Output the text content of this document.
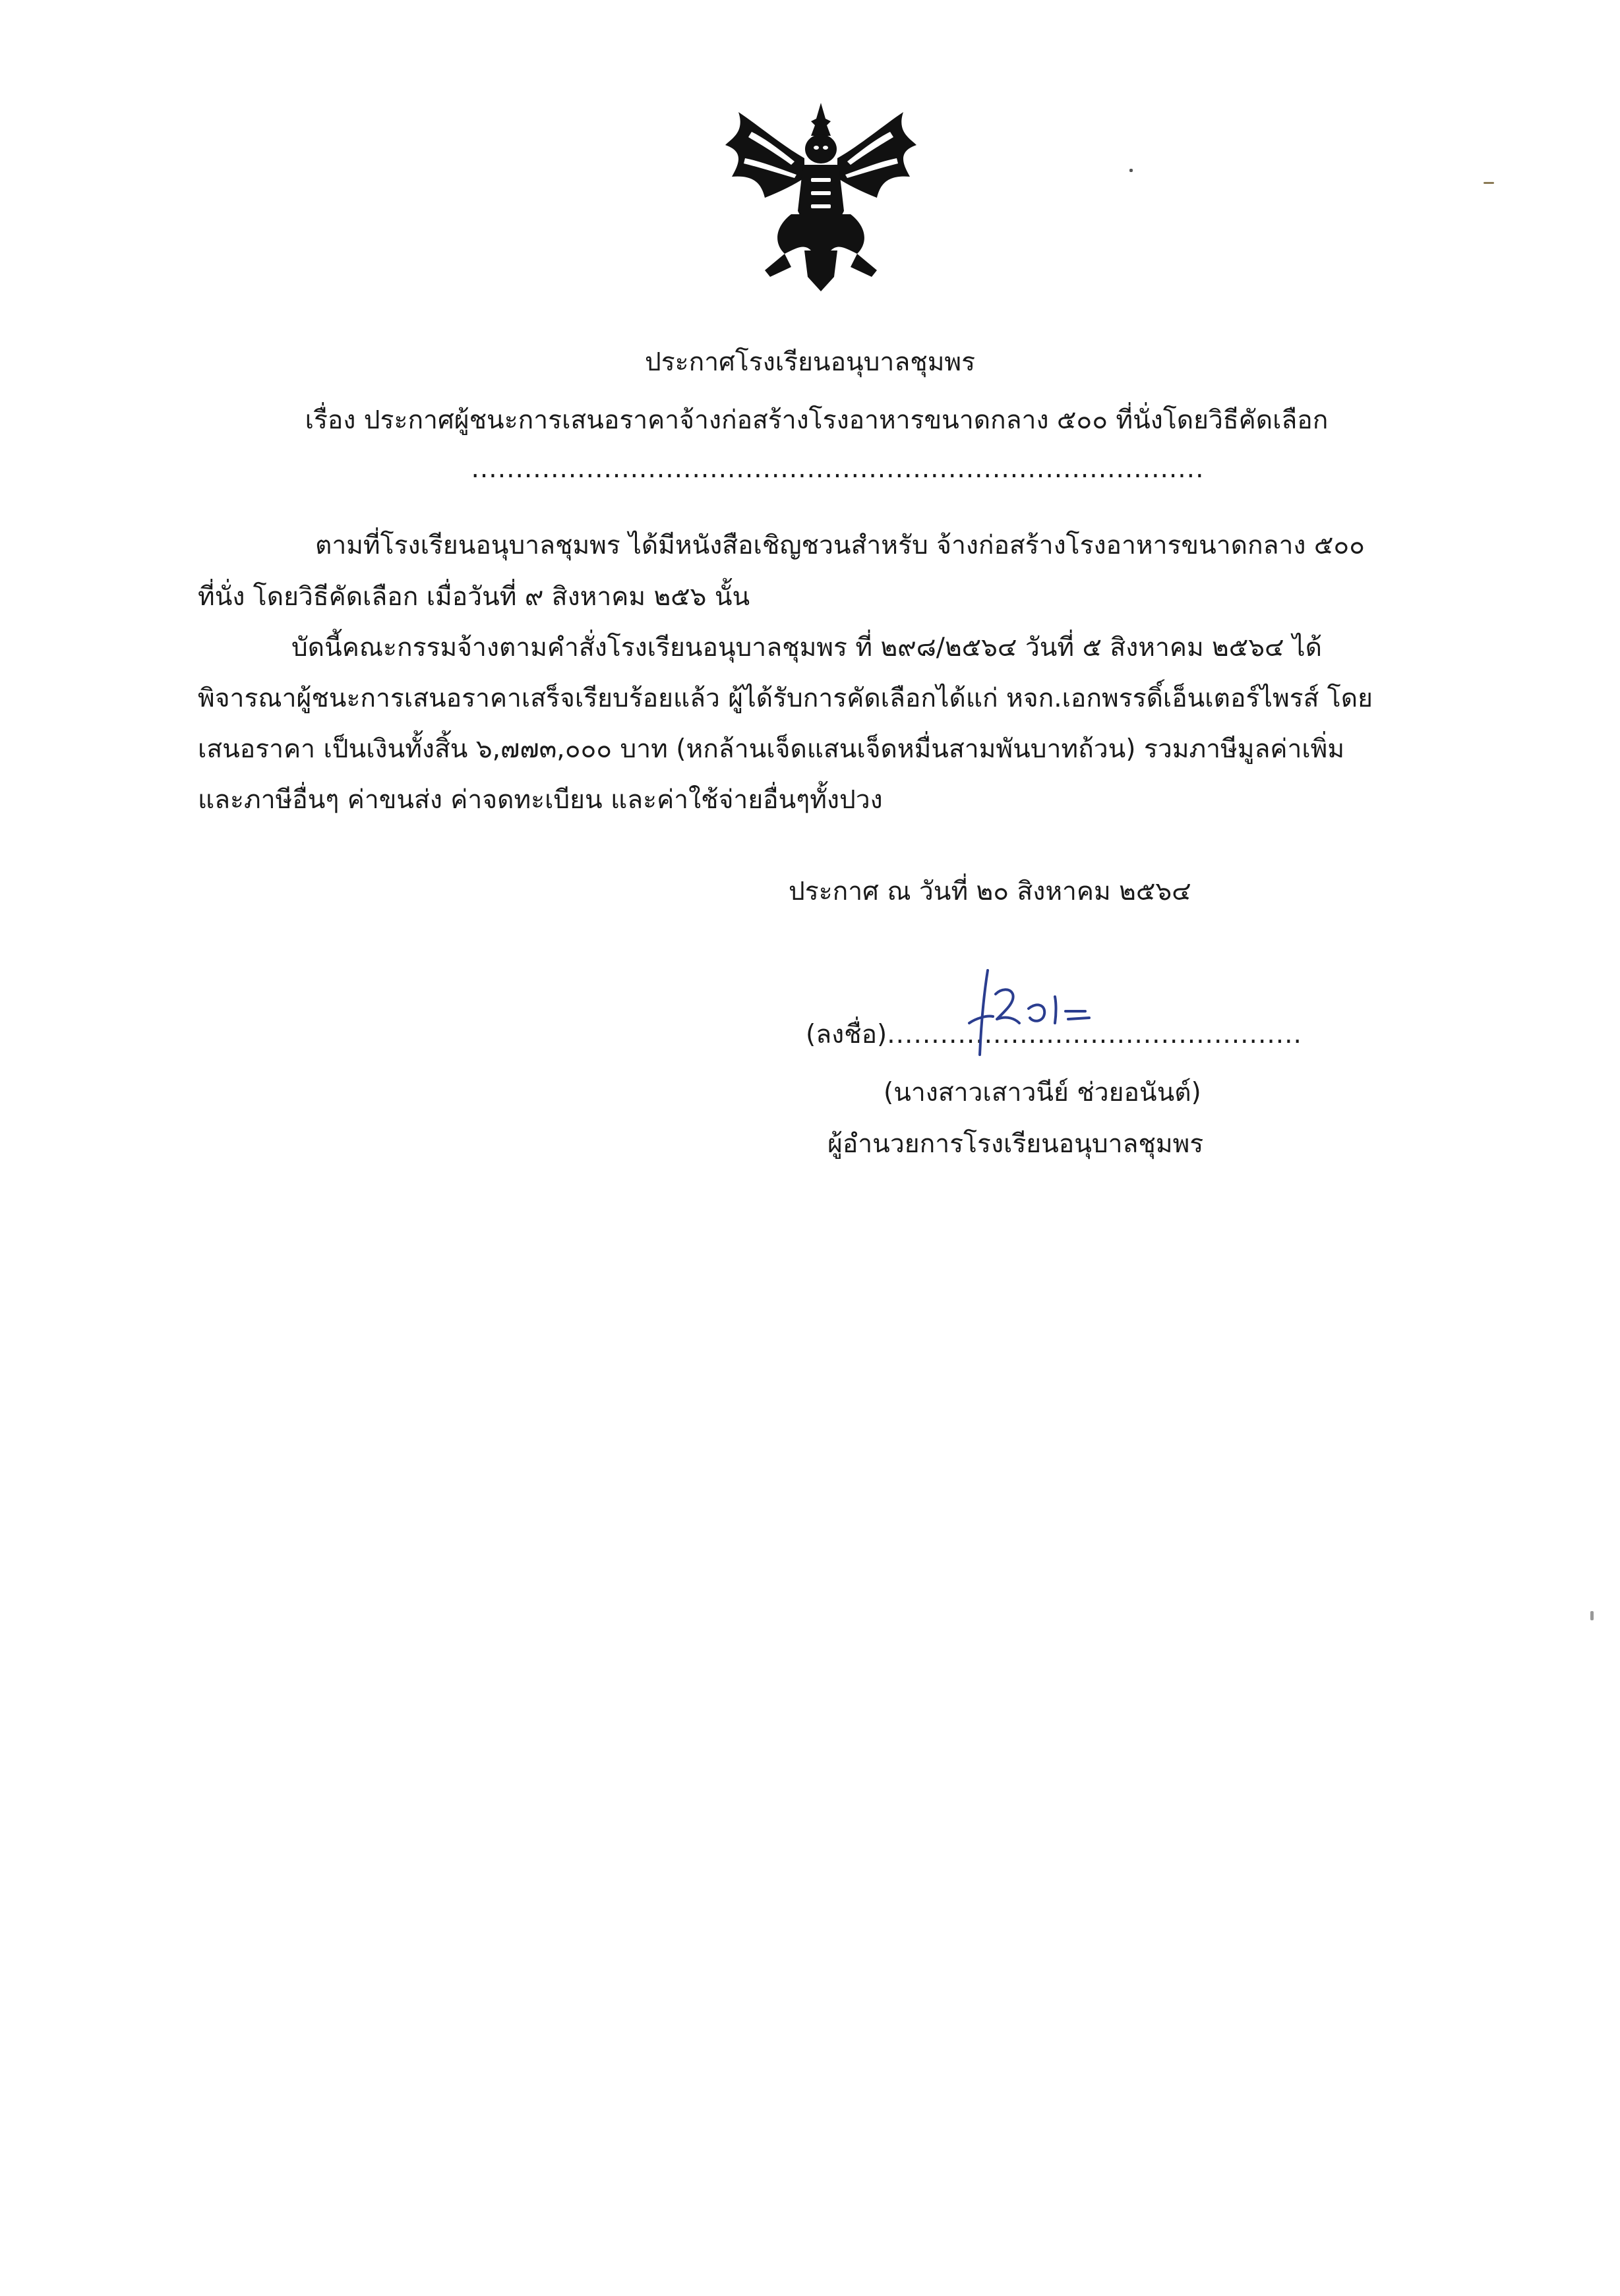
ประกาศโรงเรียนอนุบาลชุมพร
เรื่อง ประกาศผู้ชนะการเสนอราคาจ้างก่อสร้างโรงอาหารขนาดกลาง ๕๐๐ ที่นั่งโดยวิธีคัดเลือก
...................................................................................
ตามที่โรงเรียนอนุบาลชุมพร ได้มีหนังสือเชิญชวนสำหรับ จ้างก่อสร้างโรงอาหารขนาดกลาง ๕๐๐
ที่นั่ง โดยวิธีคัดเลือก เมื่อวันที่ ๙ สิงหาคม ๒๕๖ นั้น
บัดนี้คณะกรรมจ้างตามคำสั่งโรงเรียนอนุบาลชุมพร ที่ ๒๙๘/๒๕๖๔ วันที่ ๕ สิงหาคม ๒๕๖๔ ได้
พิจารณาผู้ชนะการเสนอราคาเสร็จเรียบร้อยแล้ว ผู้ได้รับการคัดเลือกได้แก่ หจก.เอกพรรดิ์เอ็นเตอร์ไพรส์ โดย
เสนอราคา เป็นเงินทั้งสิ้น ๖,๗๗๓,๐๐๐ บาท (หกล้านเจ็ดแสนเจ็ดหมื่นสามพันบาทถ้วน) รวมภาษีมูลค่าเพิ่ม
และภาษีอื่นๆ ค่าขนส่ง ค่าจดทะเบียน และค่าใช้จ่ายอื่นๆทั้งปวง
ประกาศ ณ วันที่ ๒๐ สิงหาคม ๒๕๖๔
(ลงชื่อ)...............................................
(นางสาวเสาวนีย์ ช่วยอนันต์)
ผู้อำนวยการโรงเรียนอนุบาลชุมพร
